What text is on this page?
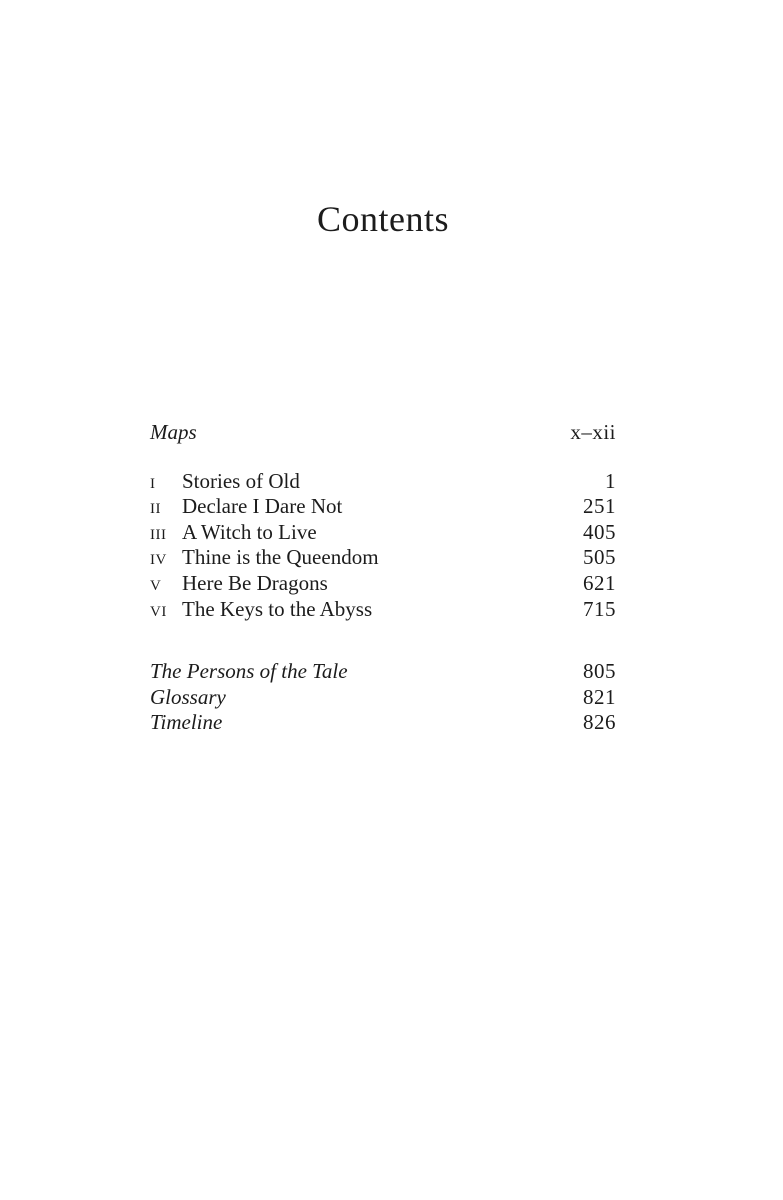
Contents
Maps	x–xii
i	Stories of Old	1
ii	Declare I Dare Not	251
iii A Witch to Live	405
iv Thine is the Queendom	505
v Here Be Dragons	621
vi The Keys to the Abyss	715
The Persons of the Tale	805
Glossary	821
Timeline	826
